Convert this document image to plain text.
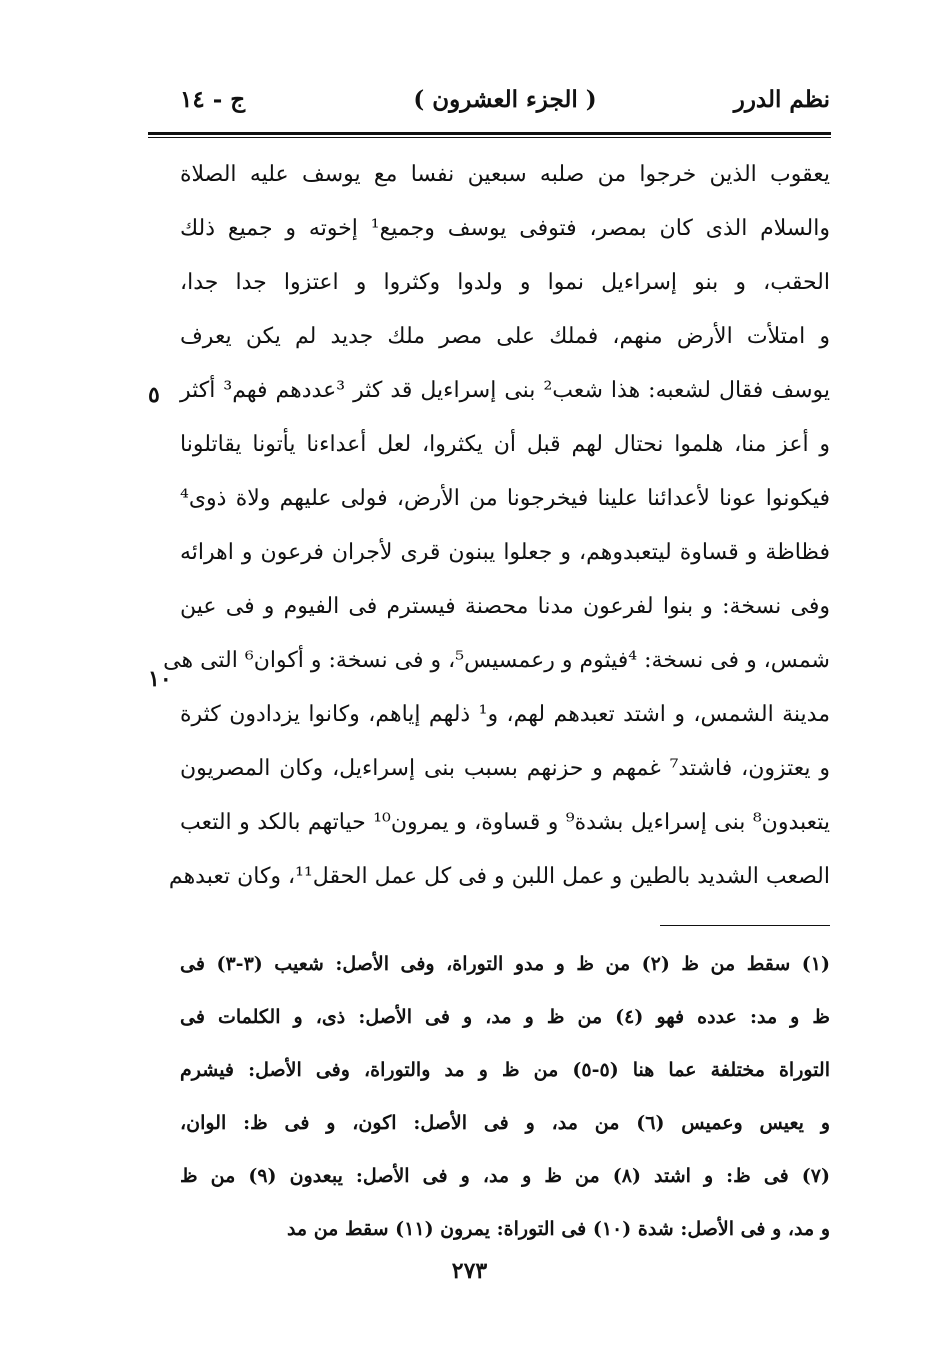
نظم الدرر
( الجزء العشرون )
ج - ١٤
يعقوب الذين خرجوا من صلبه سبعين نفسا مع يوسف عليه الصلاة
والسلام الذى كان بمصر، فتوفى يوسف وجميع¹ إخوته و جميع ذلك
الحقب، و بنو إسراءيل نموا و ولدوا وكثروا و اعتزوا جدا جدا،
و امتلأت الأرض منهم، فملك على مصر ملك جديد لم يكن يعرف
يوسف فقال لشعبه: هذا شعب² بنى إسراءيل قد كثر ³عددهم فهم³ أكثر
و أعز منا، هلموا نحتال لهم قبل أن يكثروا، لعل أعداءنا يأتونا يقاتلونا
فيكونوا عونا لأعدائنا علينا فيخرجونا من الأرض، فولى عليهم ولاة ذوى⁴
فظاظة و قساوة ليتعبدوهم، و جعلوا يبنون قرى لأجران فرعون و اهرائه
وفى نسخة: و بنوا لفرعون مدنا محصنة فيسترم فى الفيوم و فى عين
شمس، و فى نسخة: ⁴فيثوم و رعمسيس⁵، و فى نسخة: و أكوان⁶ التى هى
مدينة الشمس، و اشتد تعبدهم لهم، و¹ ذلهم إياهم، وكانوا يزدادون كثرة
و يعتزون، فاشتد⁷ غمهم و حزنهم بسبب بنى إسراءيل، وكان المصريون
يتعبدون⁸ بنى إسراءيل بشدة⁹ و قساوة، و يمرون¹⁰ حياتهم بالكد و التعب
الصعب الشديد بالطين و عمل اللبن و فى كل عمل الحقل¹¹، وكان تعبدهم
٥
١٠
(١) سقط من ظ (٢) من ظ و مدو التوراة، وفى الأصل: شعيب (٣-٣) فى
ظ و مد: عدده فهو (٤) من ظ و مد، و فى الأصل: ذى، و الكلمات فى
التوراة مختلفة عما هنا (٥-٥) من ظ و مد والتوراة، وفى الأصل: فيشرم
و يعيس وعميس (٦) من مد، و فى الأصل: اكون، و فى ظ: الوان،
(٧) فى ظ: و اشتد (٨) من ظ و مد، و فى الأصل: يبعدون (٩) من ظ
و مد، و فى الأصل: شدة (١٠) فى التوراة: يمرون (١١) سقط من مد
٢٧٣
